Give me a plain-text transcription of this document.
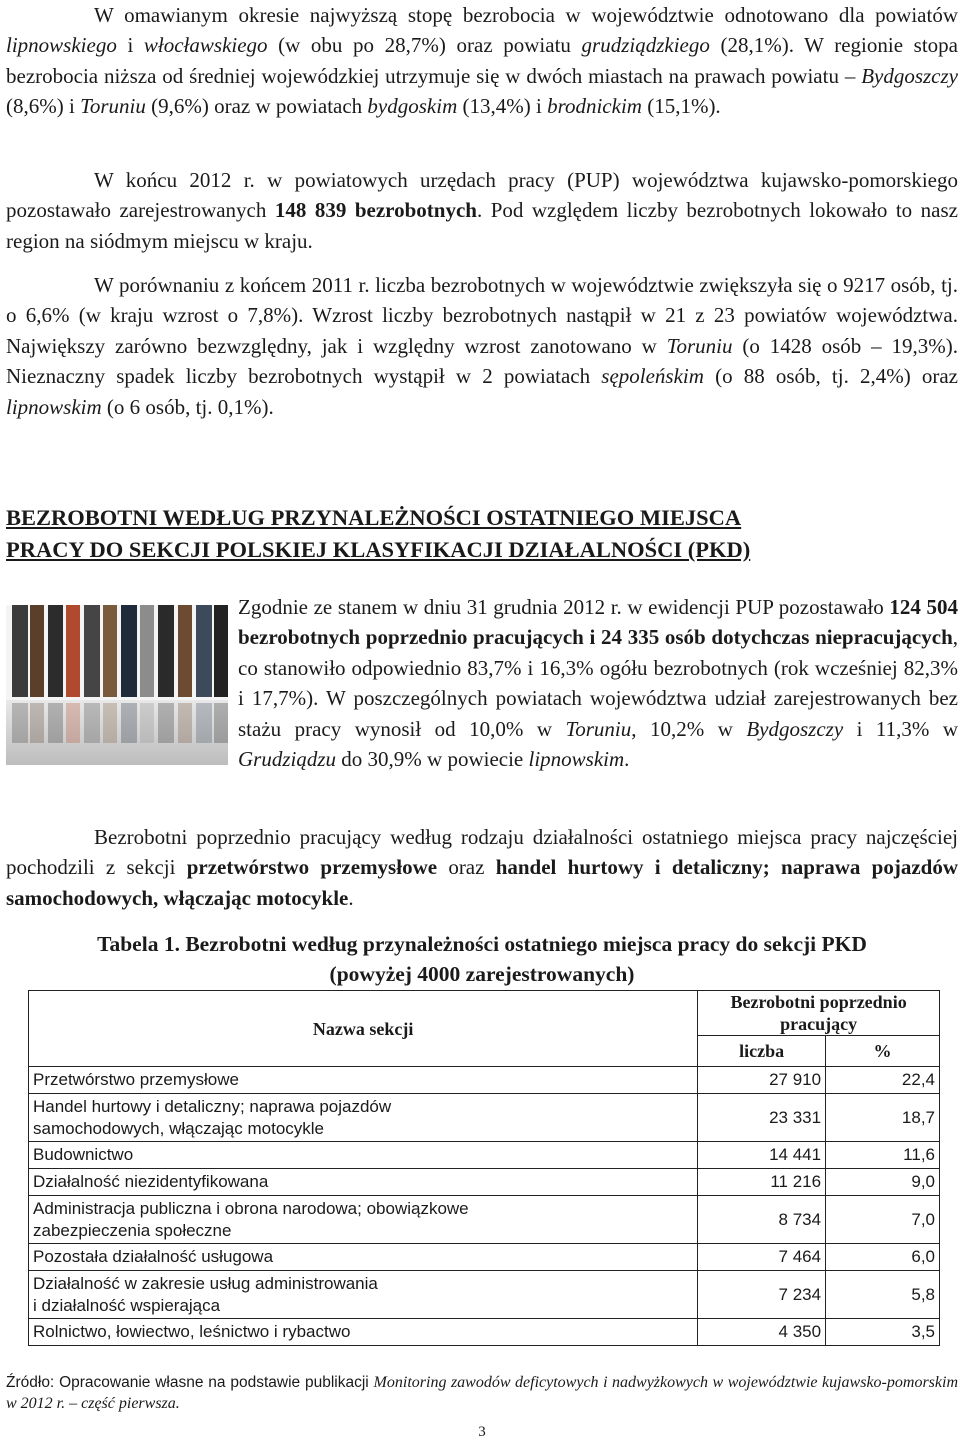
W omawianym okresie najwyższą stopę bezrobocia w województwie odnotowano dla powiatów lipnowskiego i włocławskiego (w obu po 28,7%) oraz powiatu grudziądzkiego (28,1%). W regionie stopa bezrobocia niższa od średniej wojewódzkiej utrzymuje się w dwóch miastach na prawach powiatu – Bydgoszczy (8,6%) i Toruniu (9,6%) oraz w powiatach bydgoskim (13,4%) i brodnickim (15,1%).

W końcu 2012 r. w powiatowych urzędach pracy (PUP) województwa kujawsko-pomorskiego pozostawało zarejestrowanych 148 839 bezrobotnych. Pod względem liczby bezrobotnych lokowało to nasz region na siódmym miejscu w kraju.

W porównaniu z końcem 2011 r. liczba bezrobotnych w województwie zwiększyła się o 9217 osób, tj. o 6,6% (w kraju wzrost o 7,8%). Wzrost liczby bezrobotnych nastąpił w 21 z 23 powiatów województwa. Największy zarówno bezwzględny, jak i względny wzrost zanotowano w Toruniu (o 1428 osób – 19,3%). Nieznaczny spadek liczby bezrobotnych wystąpił w 2 powiatach sępoleńskim (o 88 osób, tj. 2,4%) oraz lipnowskim (o 6 osób, tj. 0,1%).

BEZROBOTNI WEDŁUG PRZYNALEŻNOŚCI OSTATNIEGO MIEJSCA
PRACY DO SEKCJI POLSKIEJ KLASYFIKACJI DZIAŁALNOŚCI (PKD)

Zgodnie ze stanem w dniu 31 grudnia 2012 r. w ewidencji PUP pozostawało 124 504 bezrobotnych poprzednio pracujących i 24 335 osób dotychczas niepracujących, co stanowiło odpowiednio 83,7% i 16,3% ogółu bezrobotnych (rok wcześniej 82,3% i 17,7%). W poszczególnych powiatach województwa udział zarejestrowanych bez stażu pracy wynosił od 10,0% w Toruniu, 10,2% w Bydgoszczy i 11,3% w Grudziądzu do 30,9% w powiecie lipnowskim.

Bezrobotni poprzednio pracujący według rodzaju działalności ostatniego miejsca pracy najczęściej pochodzili z sekcji przetwórstwo przemysłowe oraz handel hurtowy i detaliczny; naprawa pojazdów samochodowych, włączając motocykle.

Tabela 1. Bezrobotni według przynależności ostatniego miejsca pracy do sekcji PKD
(powyżej 4000 zarejestrowanych)
Nazwa sekcji	Bezrobotni poprzednio pracujący	
	liczba	%

Przetwórstwo przemysłowe	27 910	22,4

Handel hurtowy i detaliczny; naprawa pojazdów
samochodowych, włączając motocykle	23 331	18,7

Budownictwo	14 441	11,6

Działalność niezidentyfikowana	11 216	9,0

Administracja publiczna i obrona narodowa; obowiązkowe
zabezpieczenia społeczne	8 734	7,0

Pozostała działalność usługowa	7 464	6,0

Działalność w zakresie usług administrowania
i działalność wspierająca	7 234	5,8

Rolnictwo, łowiectwo, leśnictwo i rybactwo	4 350	3,5
Źródło: Opracowanie własne na podstawie publikacji Monitoring zawodów deficytowych i nadwyżkowych w województwie kujawsko-pomorskim w 2012 r. – część pierwsza.
3
